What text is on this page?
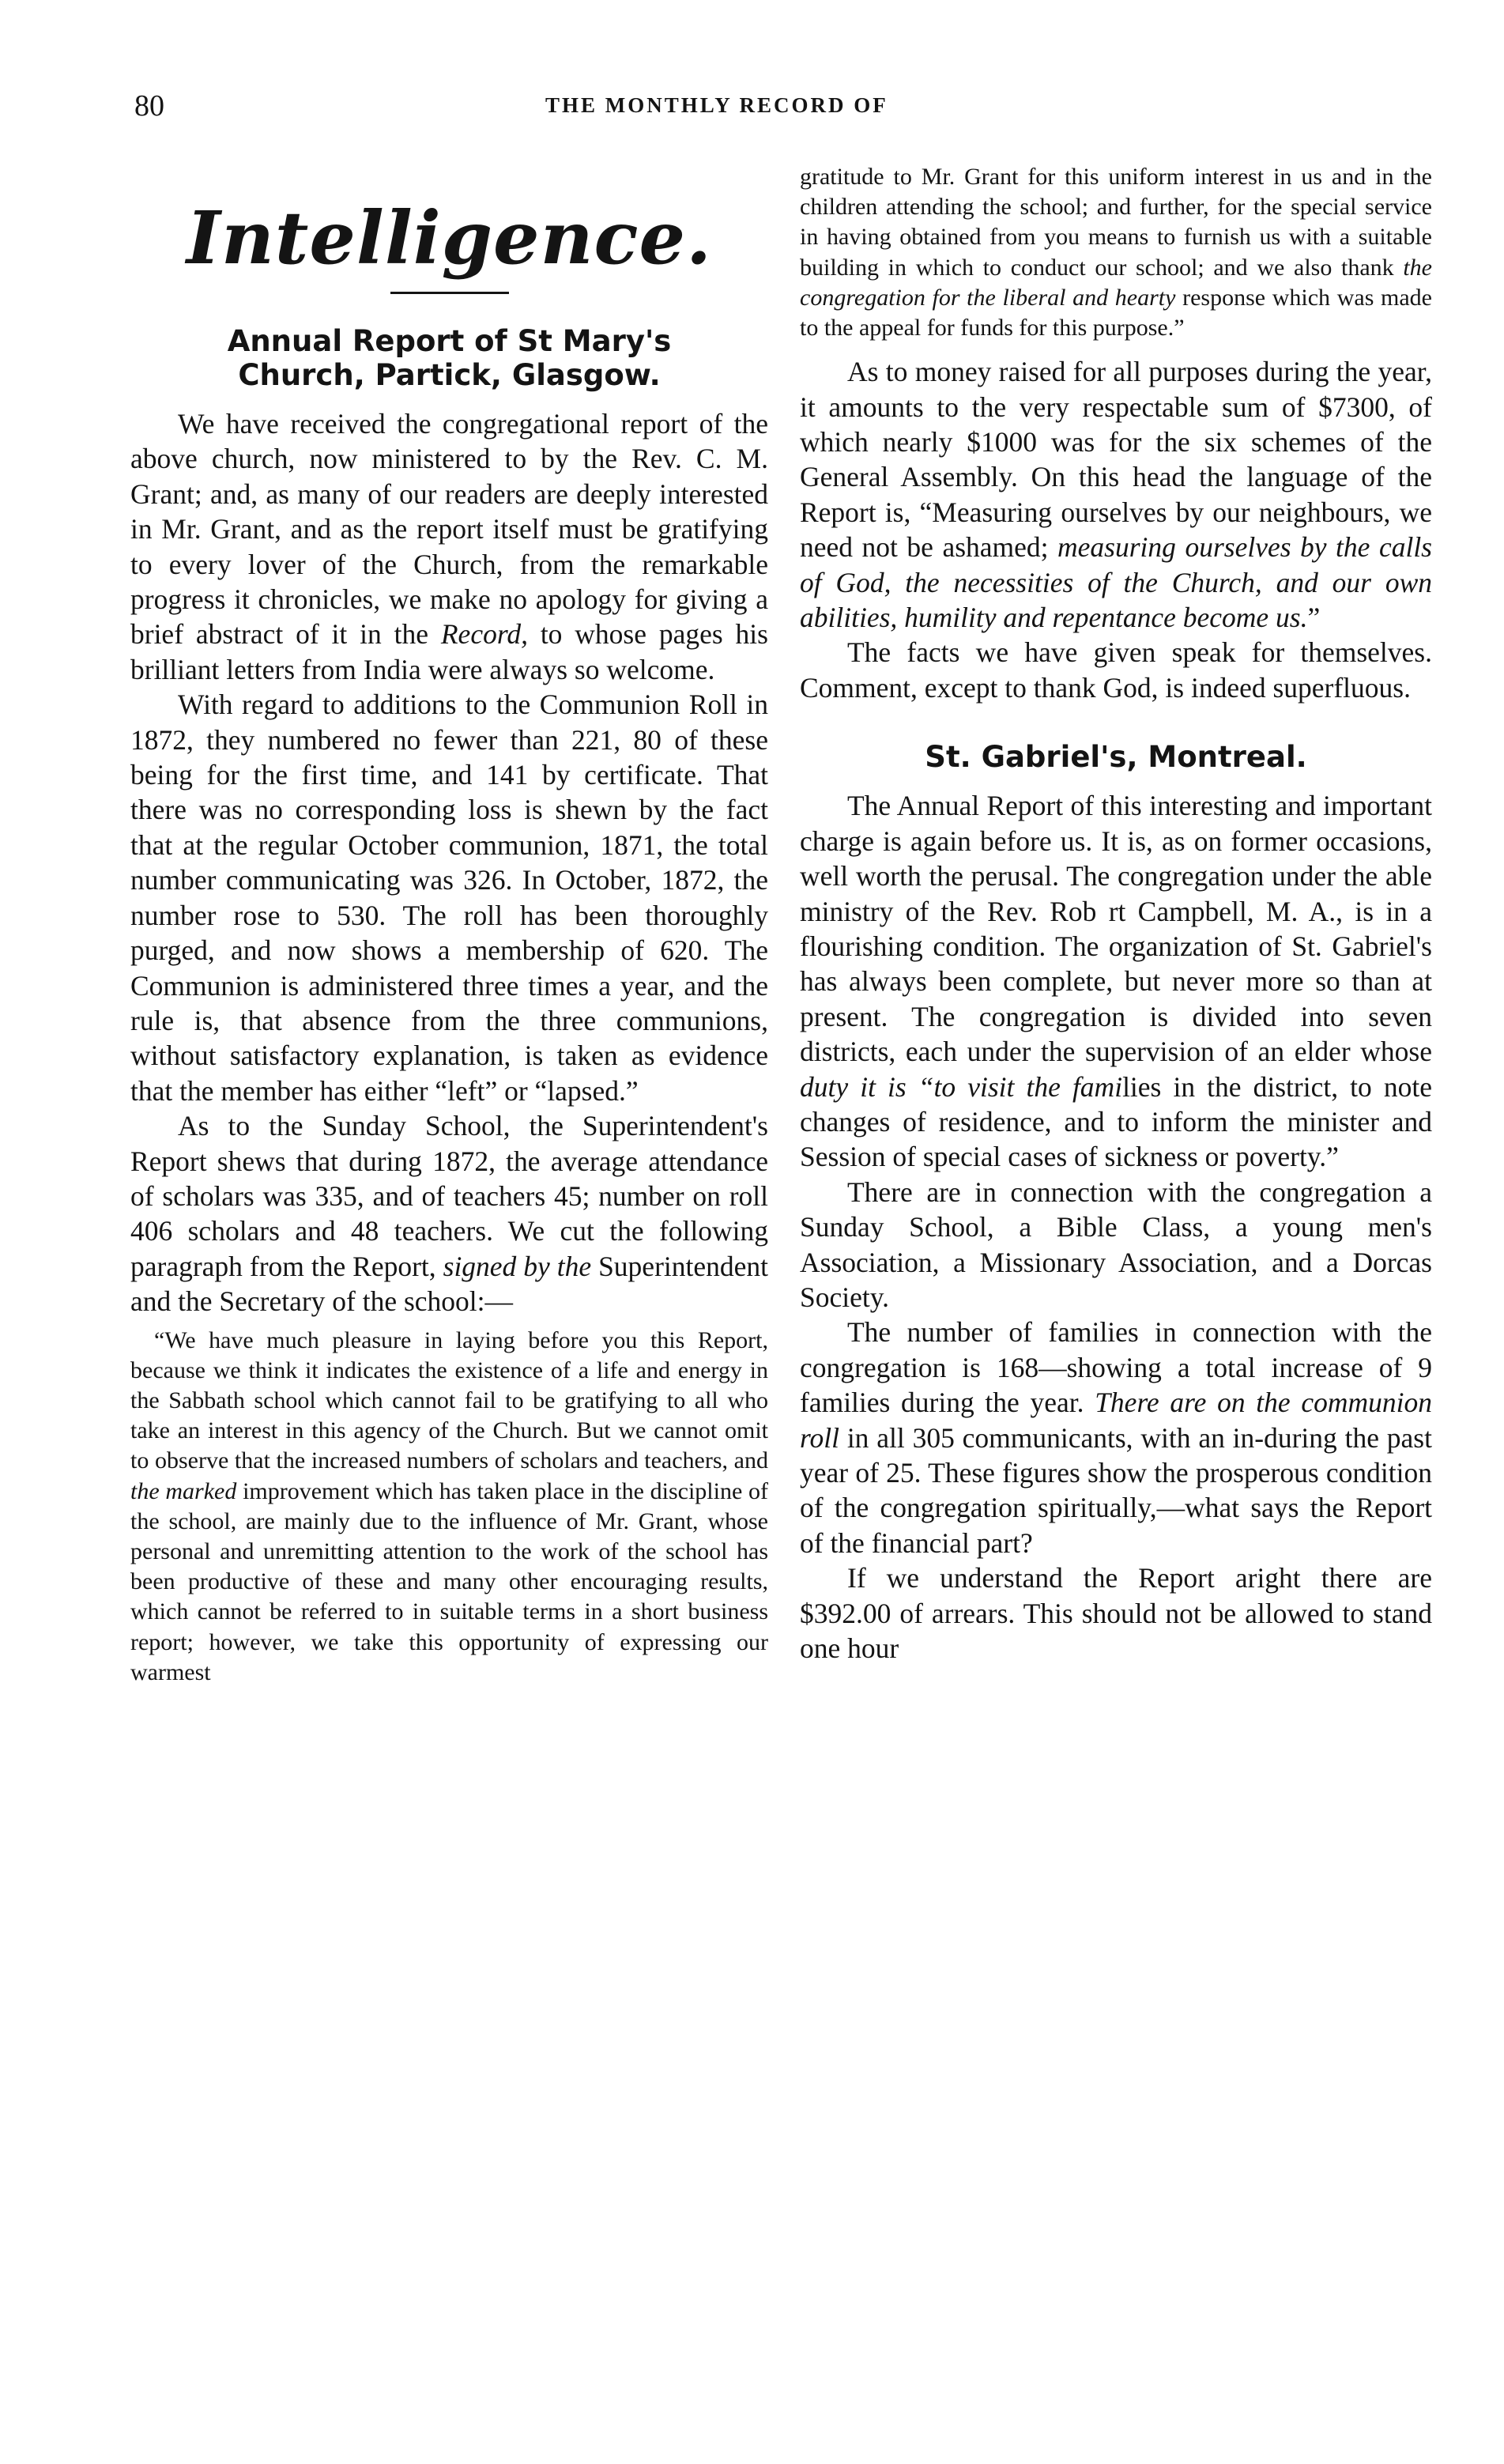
80	THE MONTHLY RECORD OF
Intelligence.
Annual Report of St Mary's
Church, Partick, Glasgow.

We have received the congregational report of the above church, now ministered to by the Rev. C. M. Grant; and, as many of our readers are deeply interested in Mr. Grant, and as the report itself must be gratifying to every lover of the Church, from the remarkable progress it chronicles, we make no apology for giving a brief abstract of it in the Record, to whose pages his brilliant letters from India were always so welcome.

With regard to additions to the Communion Roll in 1872, they numbered no fewer than 221, 80 of these being for the first time, and 141 by certificate. That there was no corresponding loss is shewn by the fact that at the regular October communion, 1871, the total number communicating was 326. In October, 1872, the number rose to 530. The roll has been thoroughly purged, and now shows a membership of 620. The Communion is administered three times a year, and the rule is, that absence from the three communions, without satisfactory explanation, is taken as evidence that the member has either “left” or “lapsed.”

As to the Sunday School, the Superintendent's Report shews that during 1872, the average attendance of scholars was 335, and of teachers 45; number on roll 406 scholars and 48 teachers. We cut the following paragraph from the Report, signed by the Superintendent and the Secretary of the school:—

“We have much pleasure in laying before you this Report, because we think it indicates the existence of a life and energy in the Sabbath school which cannot fail to be gratifying to all who take an interest in this agency of the Church. But we cannot omit to observe that the increased numbers of scholars and teachers, and the marked improvement which has taken place in the discipline of the school, are mainly due to the influence of Mr. Grant, whose personal and unremitting attention to the work of the school has been productive of these and many other encouraging results, which cannot be referred to in suitable terms in a short business report; however, we take this opportunity of expressing our warmest

gratitude to Mr. Grant for this uniform interest in us and in the children attending the school; and further, for the special service in having obtained from you means to furnish us with a suitable building in which to conduct our school; and we also thank the congregation for the liberal and hearty response which was made to the appeal for funds for this purpose.”

As to money raised for all purposes during the year, it amounts to the very respectable sum of $7300, of which nearly $1000 was for the six schemes of the General Assembly. On this head the language of the Report is, “Measuring ourselves by our neighbours, we need not be ashamed; measuring ourselves by the calls of God, the necessities of the Church, and our own abilities, humility and repentance become us.”

The facts we have given speak for themselves. Comment, except to thank God, is indeed superfluous.

St. Gabriel's, Montreal.

The Annual Report of this interesting and important charge is again before us. It is, as on former occasions, well worth the perusal. The congregation under the able ministry of the Rev. Rob rt Campbell, M. A., is in a flourishing condition. The organization of St. Gabriel's has always been complete, but never more so than at present. The congregation is divided into seven districts, each under the supervision of an elder whose duty it is “to visit the families in the district, to note changes of residence, and to inform the minister and Session of special cases of sickness or poverty.”

There are in connection with the congregation a Sunday School, a Bible Class, a young men's Association, a Missionary Association, and a Dorcas Society.

The number of families in connection with the congregation is 168—showing a total increase of 9 families during the year. There are on the communion roll in all 305 communicants, with an in-during the past year of 25. These figures show the prosperous condition of the congregation spiritually,—what says the Report of the financial part?

If we understand the Report aright there are $392.00 of arrears. This should not be allowed to stand one hour
